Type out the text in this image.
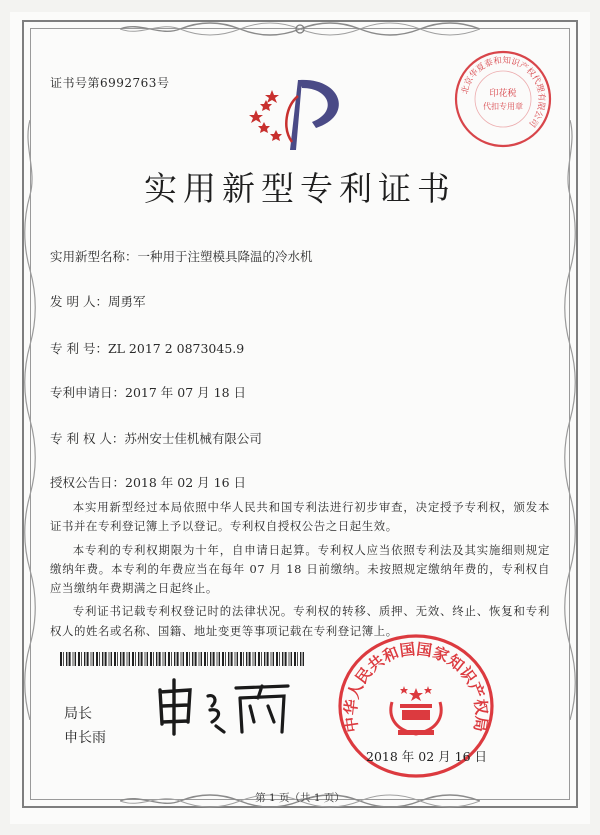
证书号第6992763号	北京华夏泰和知识产权代理有限公司
印花税
代扣专用章
实用新型专利证书
实用新型名称：一种用于注塑模具降温的冷水机
发 明 人：周勇军
专 利 号：ZL 2017 2 0873045.9
专利申请日：2017 年 07 月 18 日
专 利 权 人：苏州安士佳机械有限公司
授权公告日：2018 年 02 月 16 日

本实用新型经过本局依照中华人民共和国专利法进行初步审查，决定授予专利权，颁发本证书并在专利登记簿上予以登记。专利权自授权公告之日起生效。

本专利的专利权期限为十年，自申请日起算。专利权人应当依照专利法及其实施细则规定缴纳年费。本专利的年费应当在每年 07 月 18 日前缴纳。未按照规定缴纳年费的，专利权自应当缴纳年费期满之日起终止。

专利证书记载专利权登记时的法律状况。专利权的转移、质押、无效、终止、恢复和专利权人的姓名或名称、国籍、地址变更等事项记载在专利登记簿上。

局长
申长雨
中华人民共和国国家知识产权局
2018 年 02 月 16 日
第 1 页（共 1 页）
